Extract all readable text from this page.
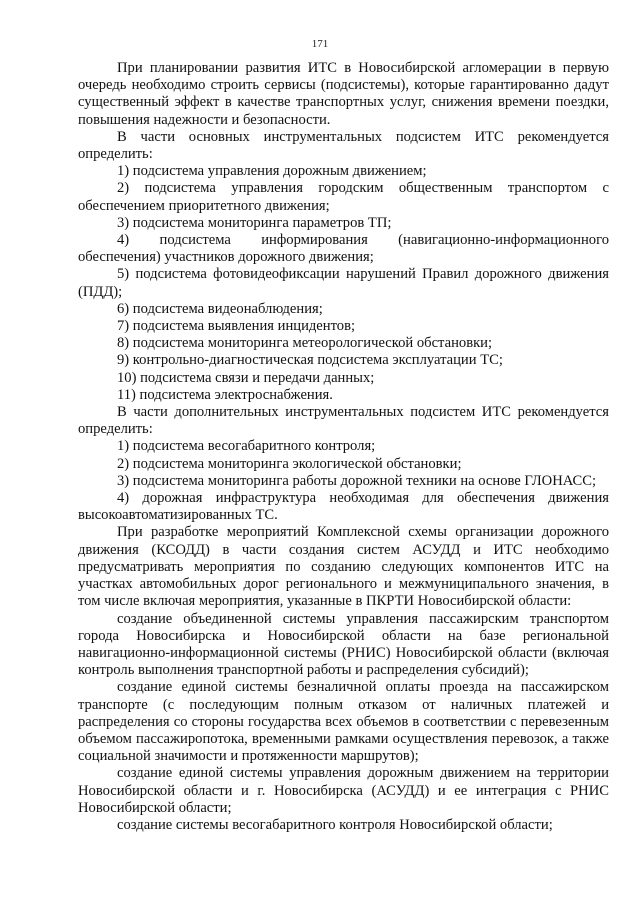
171

При планировании развития ИТС в Новосибирской агломерации в первую очередь необходимо строить сервисы (подсистемы), которые гарантированно дадут существенный эффект в качестве транспортных услуг, снижения времени поездки, повышения надежности и безопасности.

В части основных инструментальных подсистем ИТС рекомендуется определить:

1) подсистема управления дорожным движением;

2) подсистема управления городским общественным транспортом с обеспечением приоритетного движения;

3) подсистема мониторинга параметров ТП;

4) подсистема информирования (навигационно-информационного обеспечения) участников дорожного движения;

5) подсистема фотовидеофиксации нарушений Правил дорожного движения (ПДД);

6) подсистема видеонаблюдения;

7) подсистема выявления инцидентов;

8) подсистема мониторинга метеорологической обстановки;

9) контрольно-диагностическая подсистема эксплуатации ТС;

10) подсистема связи и передачи данных;

11) подсистема электроснабжения.

В части дополнительных инструментальных подсистем ИТС рекомендуется определить:

1) подсистема весогабаритного контроля;

2) подсистема мониторинга экологической обстановки;

3) подсистема мониторинга работы дорожной техники на основе ГЛОНАСС;

4) дорожная инфраструктура необходимая для обеспечения движения высокоавтоматизированных ТС.

При разработке мероприятий Комплексной схемы организации дорожного движения (КСОДД) в части создания систем АСУДД и ИТС необходимо предусматривать мероприятия по созданию следующих компонентов ИТС на участках автомобильных дорог регионального и межмуниципального значения, в том числе включая мероприятия, указанные в ПКРТИ Новосибирской области:

создание объединенной системы управления пассажирским транспортом города Новосибирска и Новосибирской области на базе региональной навигационно-информационной системы (РНИС) Новосибирской области (включая контроль выполнения транспортной работы и распределения субсидий);

создание единой системы безналичной оплаты проезда на пассажирском транспорте (с последующим полным отказом от наличных платежей и распределения со стороны государства всех объемов в соответствии с перевезенным объемом пассажиропотока, временными рамками осуществления перевозок, а также социальной значимости и протяженности маршрутов);

создание единой системы управления дорожным движением на территории Новосибирской области и г. Новосибирска (АСУДД) и ее интеграция с РНИС Новосибирской области;

создание системы весогабаритного контроля Новосибирской области;
